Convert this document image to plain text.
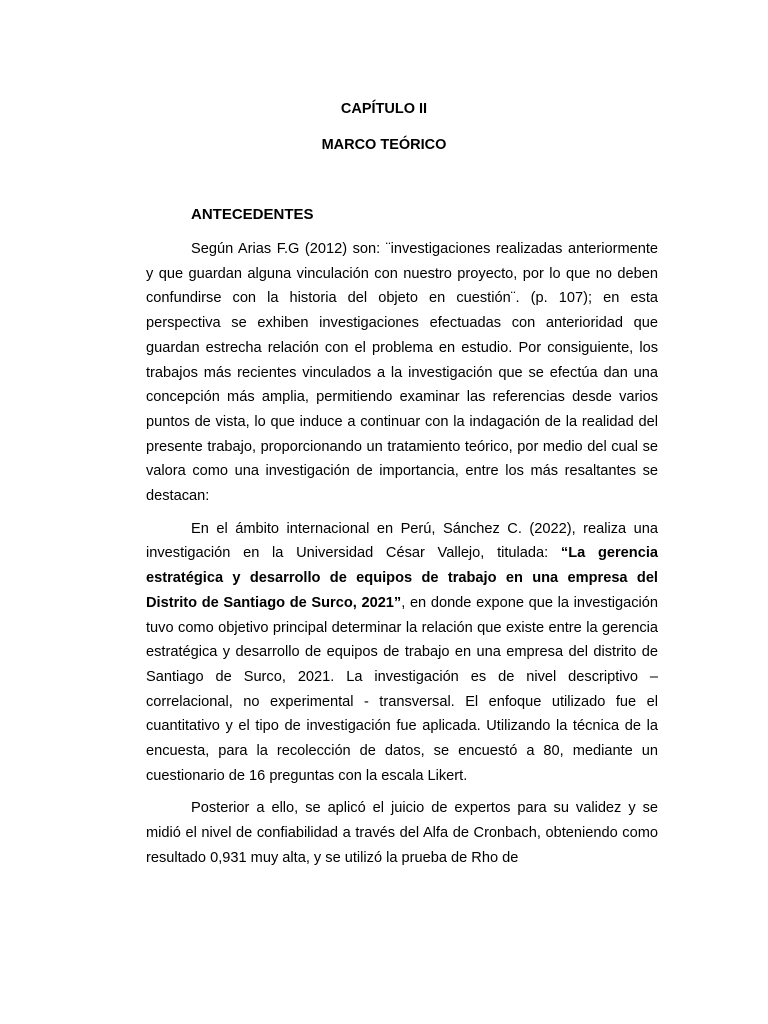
CAPÍTULO II
MARCO TEÓRICO
ANTECEDENTES

Según Arias F.G (2012) son: ¨investigaciones realizadas anteriormente y que guardan alguna vinculación con nuestro proyecto, por lo que no deben confundirse con la historia del objeto en cuestión¨. (p. 107); en esta perspectiva se exhiben investigaciones efectuadas con anterioridad que guardan estrecha relación con el problema en estudio. Por consiguiente, los trabajos más recientes vinculados a la investigación que se efectúa dan una concepción más amplia, permitiendo examinar las referencias desde varios puntos de vista, lo que induce a continuar con la indagación de la realidad del presente trabajo, proporcionando un tratamiento teórico, por medio del cual se valora como una investigación de importancia, entre los más resaltantes se destacan:

En el ámbito internacional en Perú, Sánchez C. (2022), realiza una investigación en la Universidad César Vallejo, titulada: “La gerencia estratégica y desarrollo de equipos de trabajo en una empresa del Distrito de Santiago de Surco, 2021”, en donde expone que la investigación tuvo como objetivo principal determinar la relación que existe entre la gerencia estratégica y desarrollo de equipos de trabajo en una empresa del distrito de Santiago de Surco, 2021. La investigación es de nivel descriptivo – correlacional, no experimental - transversal. El enfoque utilizado fue el cuantitativo y el tipo de investigación fue aplicada. Utilizando la técnica de la encuesta, para la recolección de datos, se encuestó a 80, mediante un cuestionario de 16 preguntas con la escala Likert.

Posterior a ello, se aplicó el juicio de expertos para su validez y se midió el nivel de confiabilidad a través del Alfa de Cronbach, obteniendo como resultado 0,931 muy alta, y se utilizó la prueba de Rho de
